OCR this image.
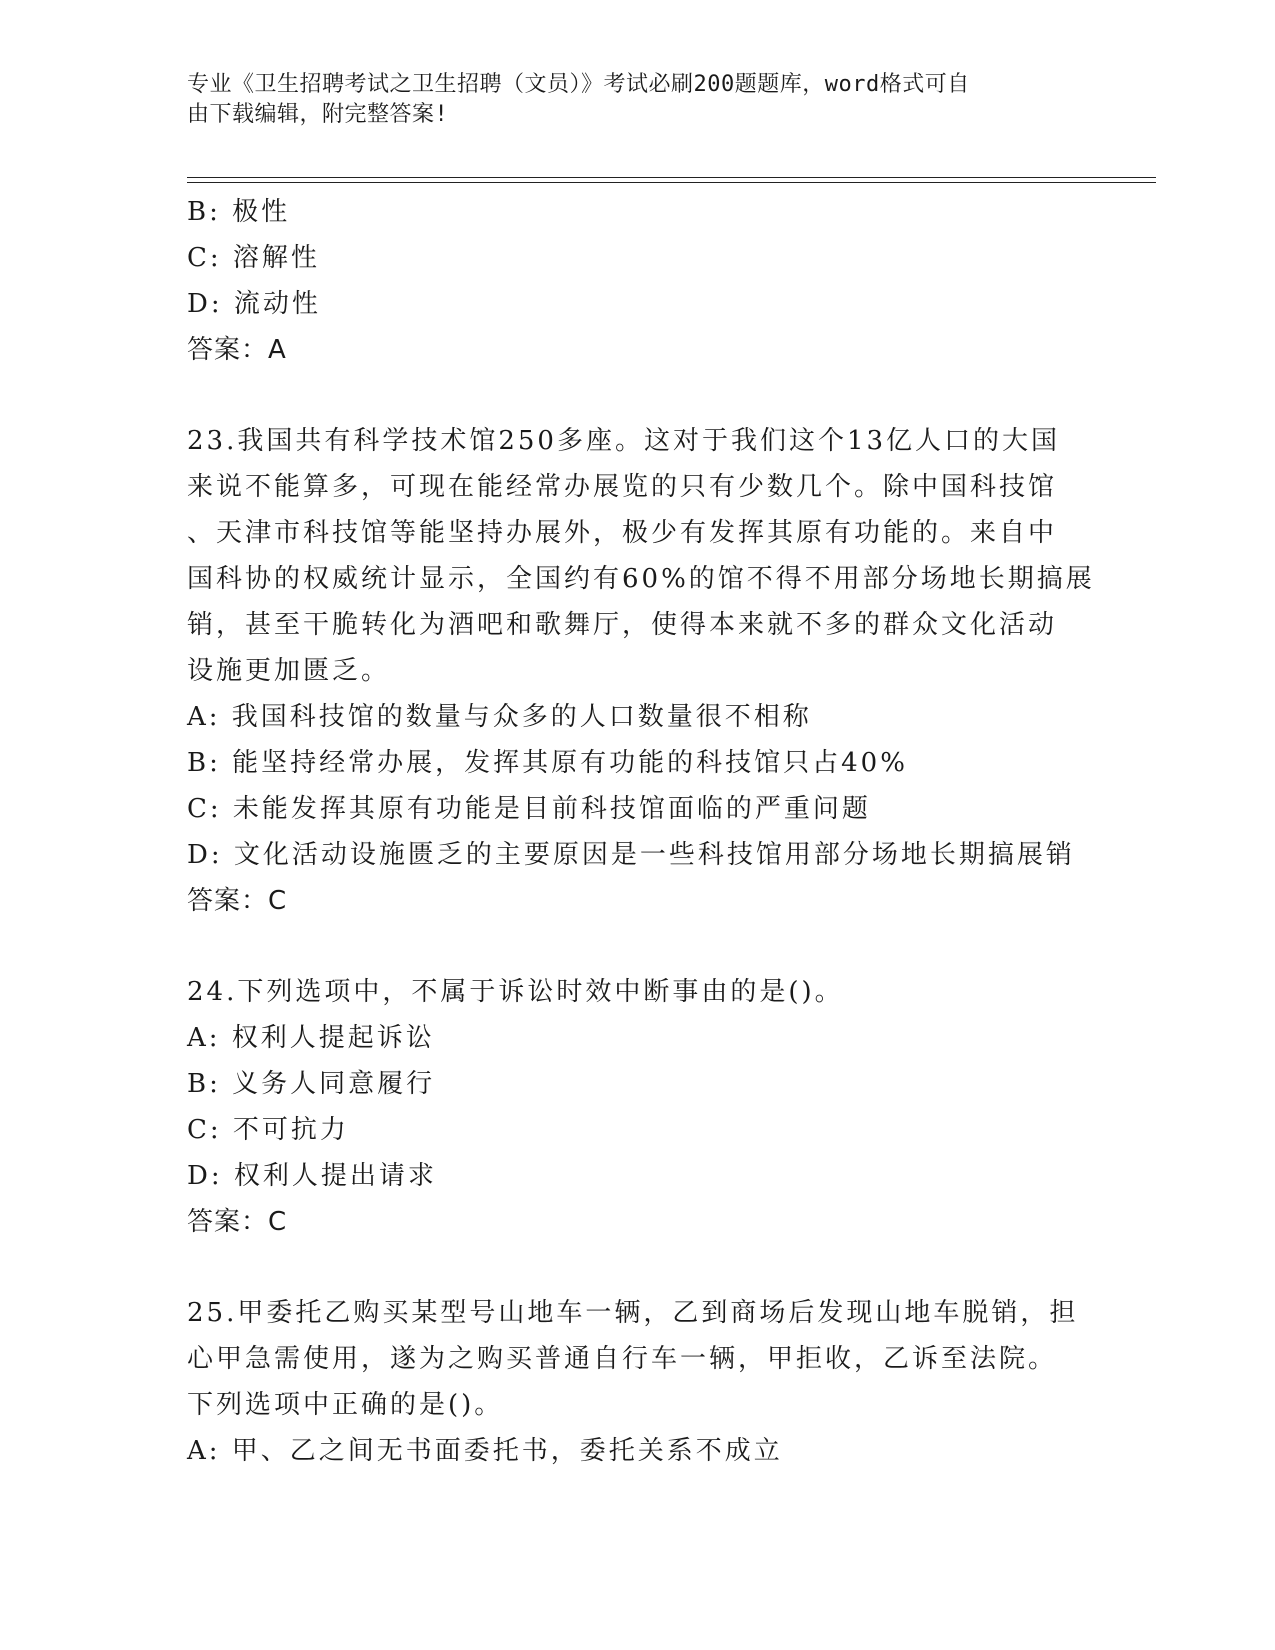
专业《卫生招聘考试之卫生招聘（文员）》考试必刷200题题库，word格式可自
由下载编辑，附完整答案!
B: 极性
C: 溶解性
D: 流动性
答案：A
23.我国共有科学技术馆250多座。这对于我们这个13亿人口的大国
来说不能算多，可现在能经常办展览的只有少数几个。除中国科技馆
、天津市科技馆等能坚持办展外，极少有发挥其原有功能的。来自中
国科协的权威统计显示，全国约有60%的馆不得不用部分场地长期搞展
销，甚至干脆转化为酒吧和歌舞厅，使得本来就不多的群众文化活动
设施更加匮乏。
A: 我国科技馆的数量与众多的人口数量很不相称
B: 能坚持经常办展，发挥其原有功能的科技馆只占40%
C: 未能发挥其原有功能是目前科技馆面临的严重问题
D: 文化活动设施匮乏的主要原因是一些科技馆用部分场地长期搞展销
答案：C
24.下列选项中，不属于诉讼时效中断事由的是()。
A: 权利人提起诉讼
B: 义务人同意履行
C: 不可抗力
D: 权利人提出请求
答案：C
25.甲委托乙购买某型号山地车一辆，乙到商场后发现山地车脱销，担
心甲急需使用，遂为之购买普通自行车一辆，甲拒收，乙诉至法院。
下列选项中正确的是()。
A: 甲、乙之间无书面委托书，委托关系不成立
